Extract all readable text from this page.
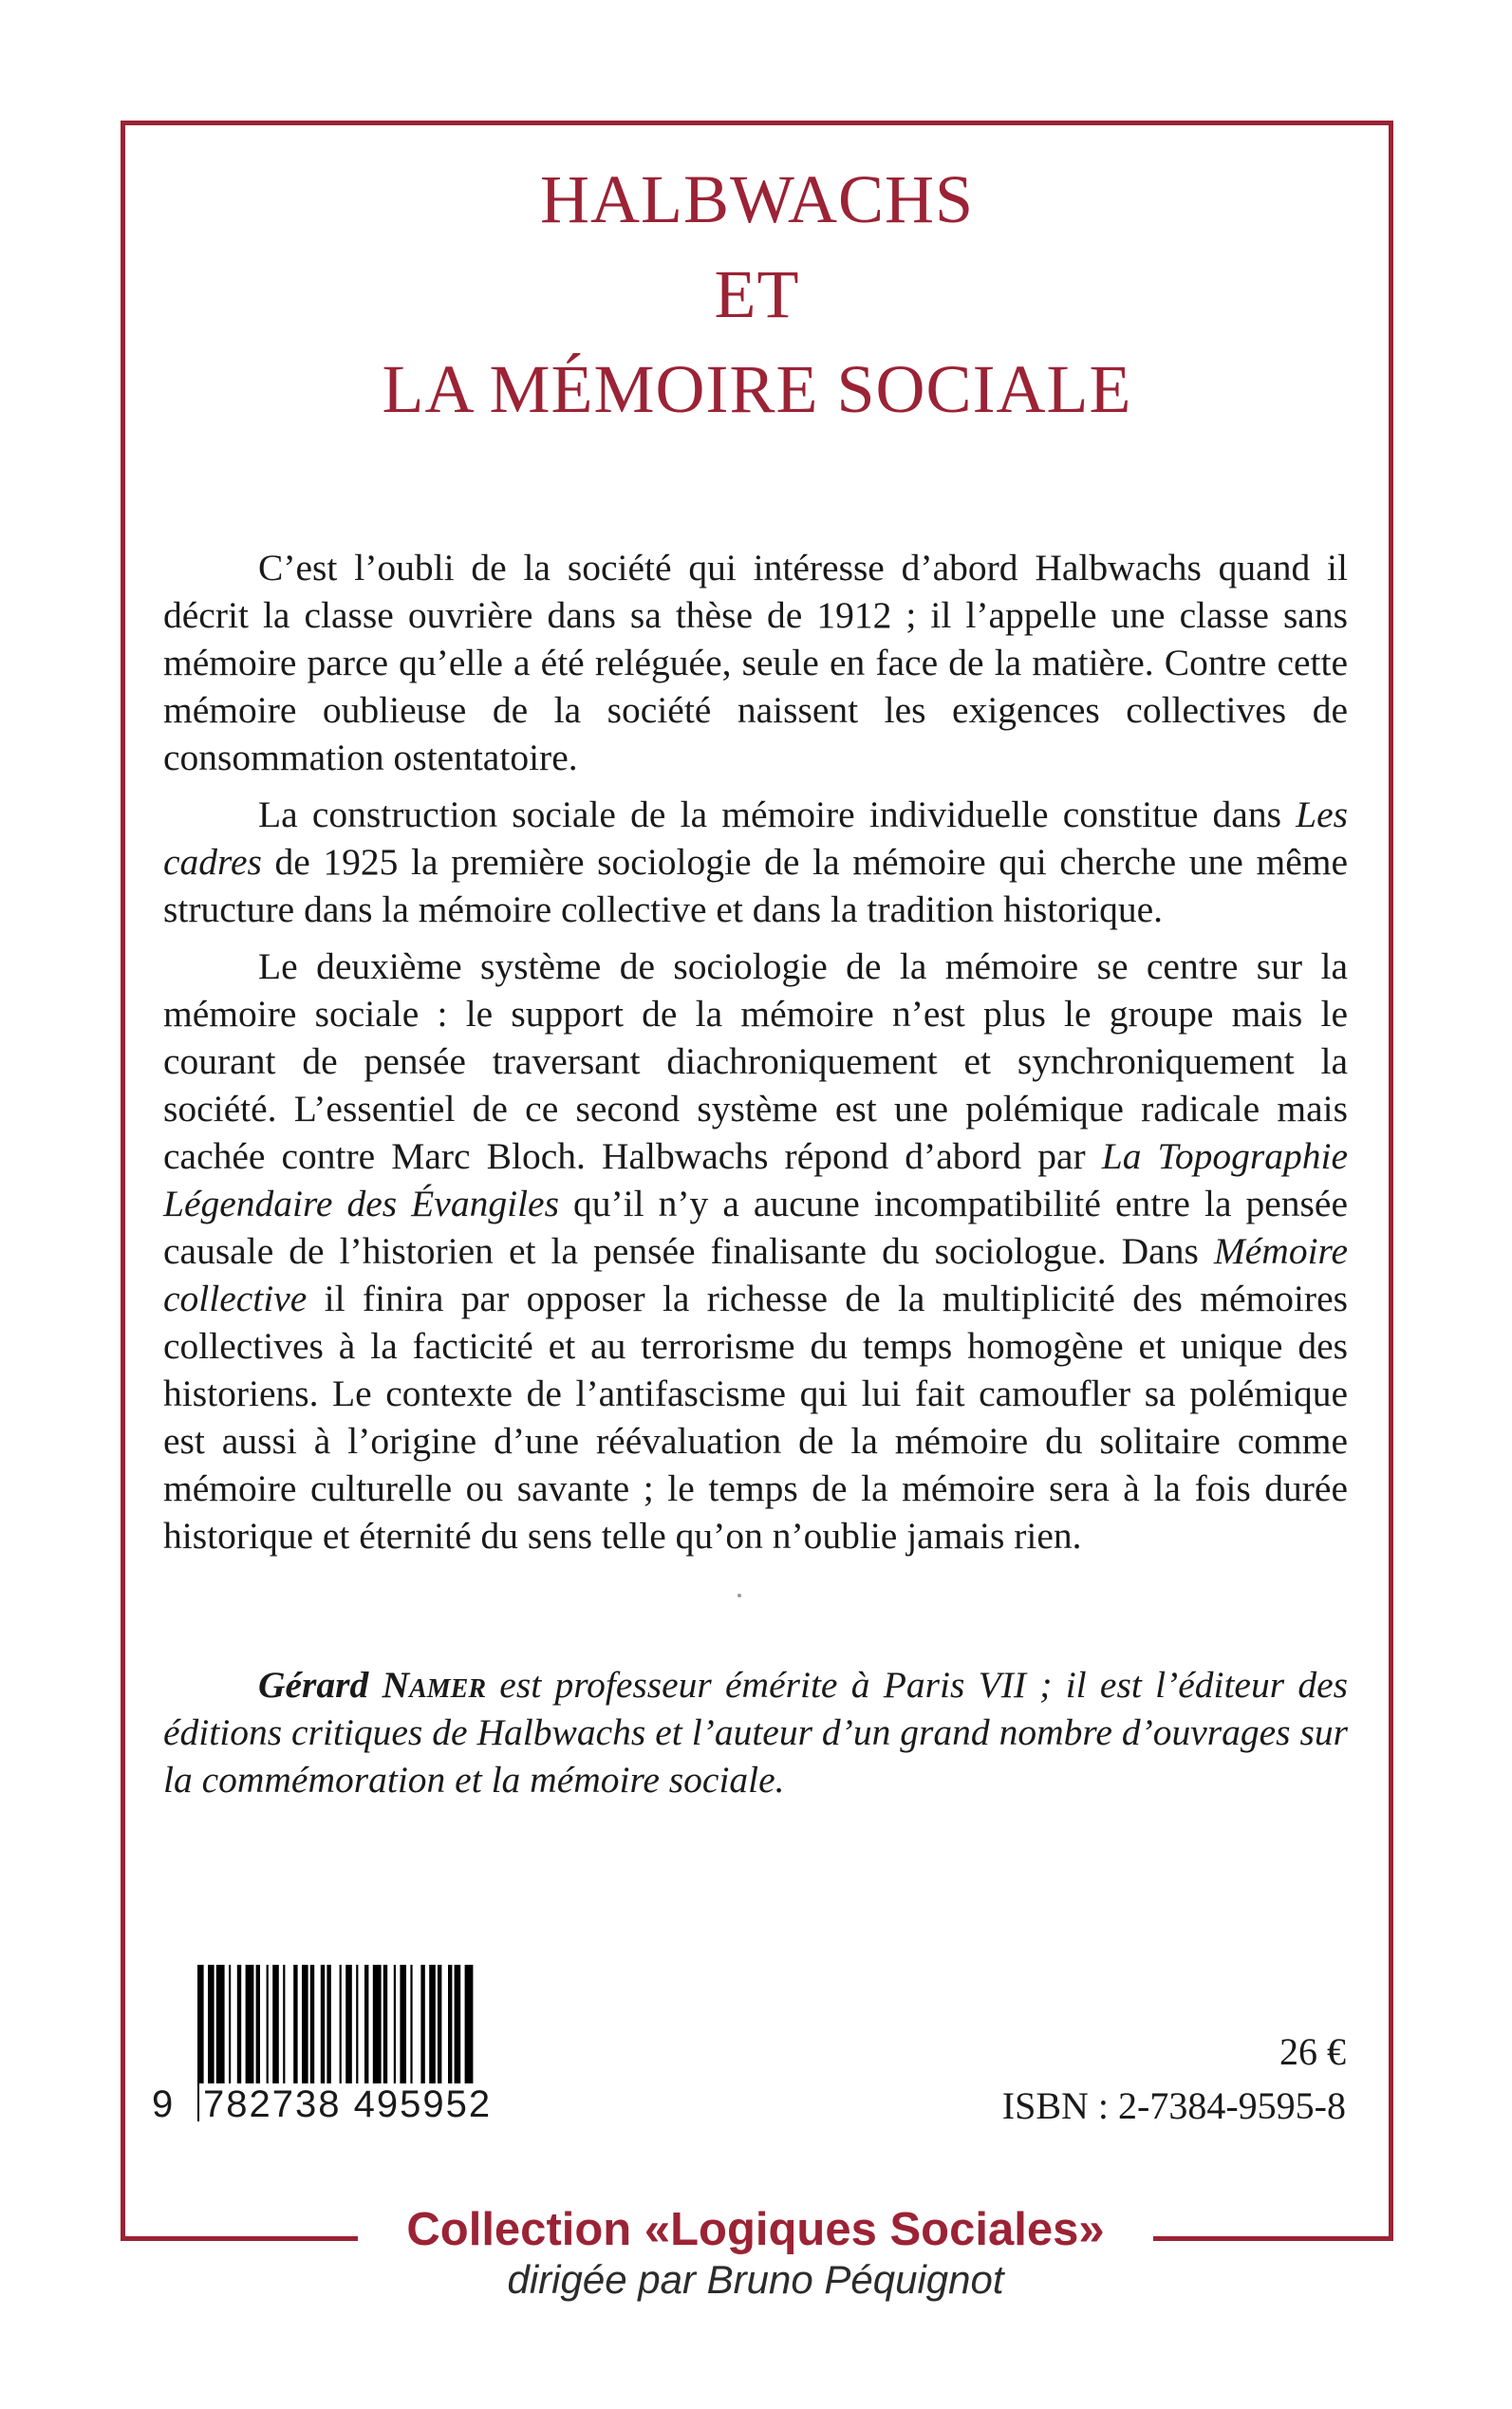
HALBWACHS
ET
LA MÉMOIRE SOCIALE

C’est l’oubli de la société qui intéresse d’abord Halbwachs quand il décrit la classe ouvrière dans sa thèse de 1912 ; il l’appelle une classe sans mémoire parce qu’elle a été reléguée, seule en face de la matière. Contre cette mémoire oublieuse de la société naissent les exigences collectives de consommation ostentatoire.

La construction sociale de la mémoire individuelle constitue dans Les cadres de 1925 la première sociologie de la mémoire qui cherche une même structure dans la mémoire collective et dans la tradition historique.

Le deuxième système de sociologie de la mémoire se centre sur la mémoire sociale : le support de la mémoire n’est plus le groupe mais le courant de pensée traversant diachroniquement et synchroniquement la société. L’essentiel de ce second système est une polémique radicale mais cachée contre Marc Bloch. Halbwachs répond d’abord par La Topographie Légendaire des Évangiles qu’il n’y a aucune incompatibilité entre la pensée causale de l’historien et la pensée finalisante du sociologue. Dans Mémoire collective il finira par opposer la richesse de la multiplicité des mémoires collectives à la facticité et au terrorisme du temps homogène et unique des historiens. Le contexte de l’antifascisme qui lui fait camoufler sa polémique est aussi à l’origine d’une réévaluation de la mémoire du solitaire comme mémoire culturelle ou savante ; le temps de la mémoire sera à la fois durée historique et éternité du sens telle qu’on n’oublie jamais rien.

Gérard Namer est professeur émérite à Paris VII ; il est l’éditeur des éditions critiques de Halbwachs et l’auteur d’un grand nombre d’ouvrages sur la commémoration et la mémoire sociale.
9 782738 495952
26 €
ISBN : 2-7384-9595-8
Collection «Logiques Sociales»
dirigée par Bruno Péquignot
